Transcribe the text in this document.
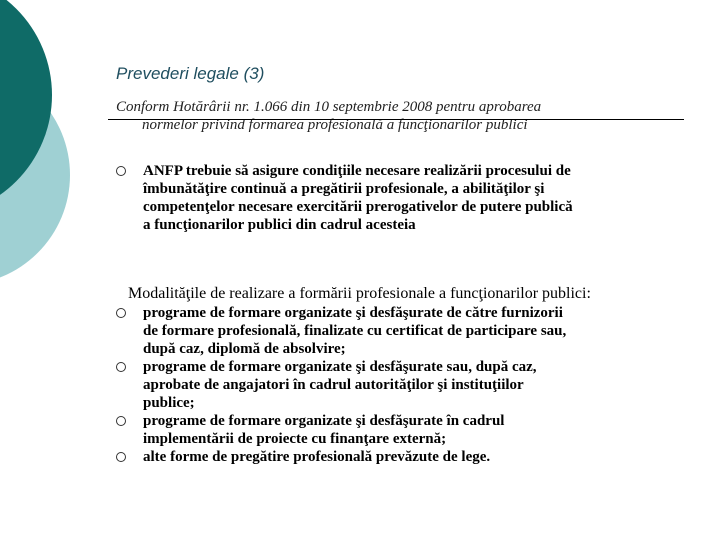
Prevederi legale (3)
Conform Hotărârii nr. 1.066 din 10 septembrie 2008 pentru aprobarea
normelor privind formarea profesională a funcţionarilor publici
ANFP trebuie să asigure condiţiile necesare realizării procesului de
îmbunătăţire continuă a pregătirii profesionale, a abilităţilor şi
competenţelor necesare exercitării prerogativelor de putere publică
a funcţionarilor publici din cadrul acesteia
Modalităţile de realizare a formării profesionale a funcţionarilor publici:
programe de formare organizate şi desfăşurate de către furnizorii
de formare profesională, finalizate cu certificat de participare sau,
după caz, diplomă de absolvire;
programe de formare organizate şi desfăşurate sau, după caz,
aprobate de angajatori în cadrul autorităţilor şi instituţiilor
publice;
programe de formare organizate şi desfăşurate în cadrul
implementării de proiecte cu finanţare externă;
alte forme de pregătire profesională prevăzute de lege.
